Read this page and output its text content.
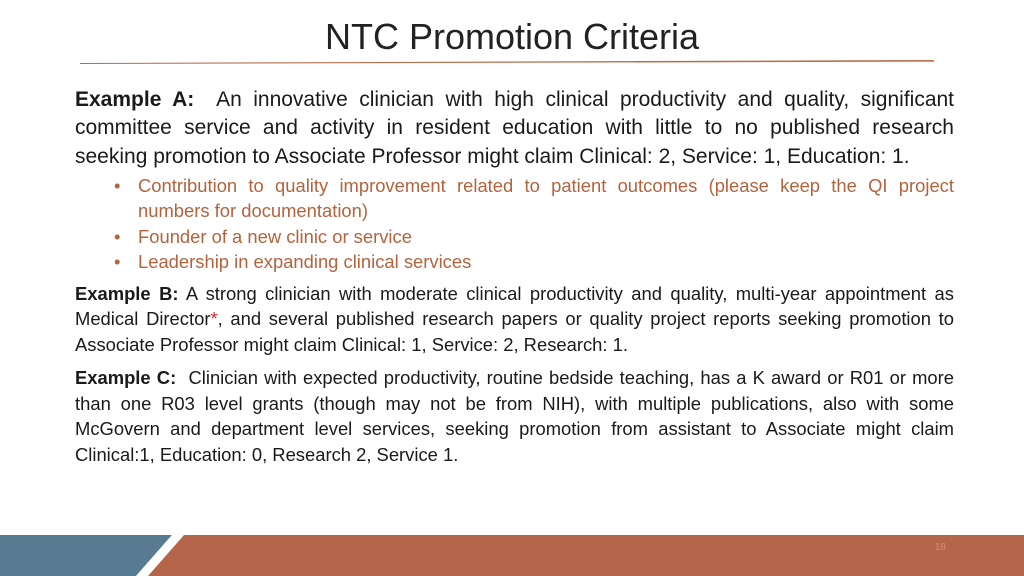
NTC Promotion Criteria

Example A: An innovative clinician with high clinical productivity and quality, significant committee service and activity in resident education with little to no published research seeking promotion to Associate Professor might claim Clinical: 2, Service: 1, Education: 1.

• Contribution to quality improvement related to patient outcomes (please keep the QI project numbers for documentation)
• Founder of a new clinic or service
• Leadership in expanding clinical services

Example B: A strong clinician with moderate clinical productivity and quality, multi-year appointment as Medical Director*, and several published research papers or quality project reports seeking promotion to Associate Professor might claim Clinical: 1, Service: 2, Research: 1.

Example C: Clinician with expected productivity, routine bedside teaching, has a K award or R01 or more than one R03 level grants (though may not be from NIH), with multiple publications, also with some McGovern and department level services, seeking promotion from assistant to Associate might claim Clinical:1, Education: 0, Research 2, Service 1.

18
